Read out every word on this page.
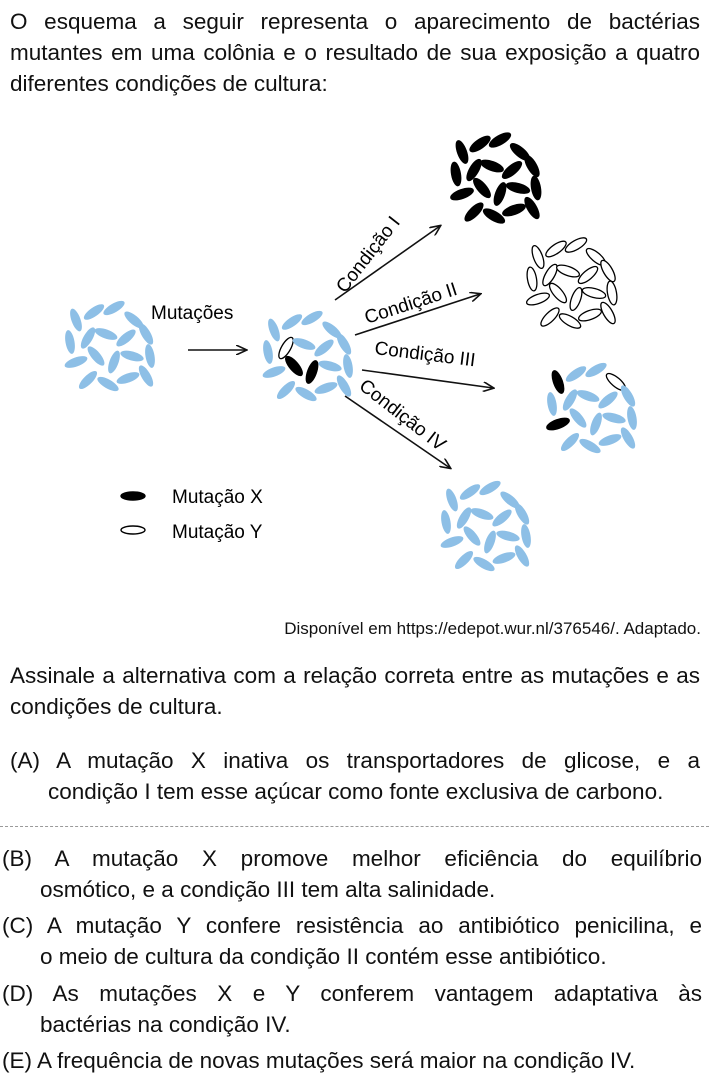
O esquema a seguir representa o aparecimento de bactérias mutantes em uma colônia e o resultado de sua exposição a quatro diferentes condições de cultura:
Mutações
Condição I
Condição II
Condição III
Condição IV
Mutação X
Mutação Y
Disponível em https://edepot.wur.nl/376546/. Adaptado.
Assinale a alternativa com a relação correta entre as mutações e as condições de cultura.
(A) A mutação X inativa os transportadores de glicose, e a
condição I tem esse açúcar como fonte exclusiva de carbono.
(B) A mutação X promove melhor eficiência do equilíbrio
osmótico, e a condição III tem alta salinidade.
(C) A mutação Y confere resistência ao antibiótico penicilina, e
o meio de cultura da condição II contém esse antibiótico.
(D) As mutações X e Y conferem vantagem adaptativa às
bactérias na condição IV.
(E) A frequência de novas mutações será maior na condição IV.
